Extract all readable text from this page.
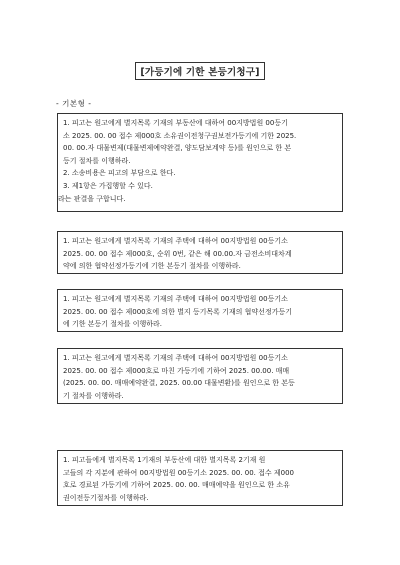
[가등기에 기한 본등기청구]
- 기본형 -
1. 피고는 원고에게 별지목록 기재의 부동산에 대하여 00지방법원 00등기
소 2025. 00. 00 접수 제000호 소유권이전청구권보전가등기에 기한 2025.
00. 00.자 대물변제(대물변제예약완결, 양도담보계약 등)를 원인으로 한 본
등기 절차를 이행하라.
2. 소송비용은 피고의 부담으로 한다.
3. 제1항은 가집행할 수 있다.
라는 판결을 구합니다.
1. 피고는 원고에게 별지목록 기재의 주택에 대하여 00지방법원 00등기소
2025. 00. 00 접수 제000호, 순위 0번, 같은 해 00.00.자 금전소비대차계
약에 의한 협약선정가등기에 기한 본등기 절차를 이행하라.
1. 피고는 원고에게 별지목록 기재의 주택에 대하여 00지방법원 00등기소
2025. 00. 00 접수 제000호에 의한 별지 등기목록 기재의 협약선정가등기
에 기한 본등기 절차를 이행하라.
1. 피고는 원고에게 별지목록 기재의 주택에 대하여 00지방법원 00등기소
2025. 00. 00 접수 제000호로 마친 가등기에 기하여 2025. 00.00. 매매
(2025. 00. 00. 매매예약완결, 2025. 00.00 대물변환)를 원인으로 한 본등
기 절차를 이행하라.
1. 피고들에게 별지목록 1기재의 부동산에 대한 별지목록 2기재 원
고들의 각 지분에 관하여 00지방법원 00등기소 2025. 00. 00. 접수 제000
호로 경료된 가등기에 기하여 2025. 00. 00. 매매예약을 원인으로 한 소유
권이전등기절차를 이행하라.
